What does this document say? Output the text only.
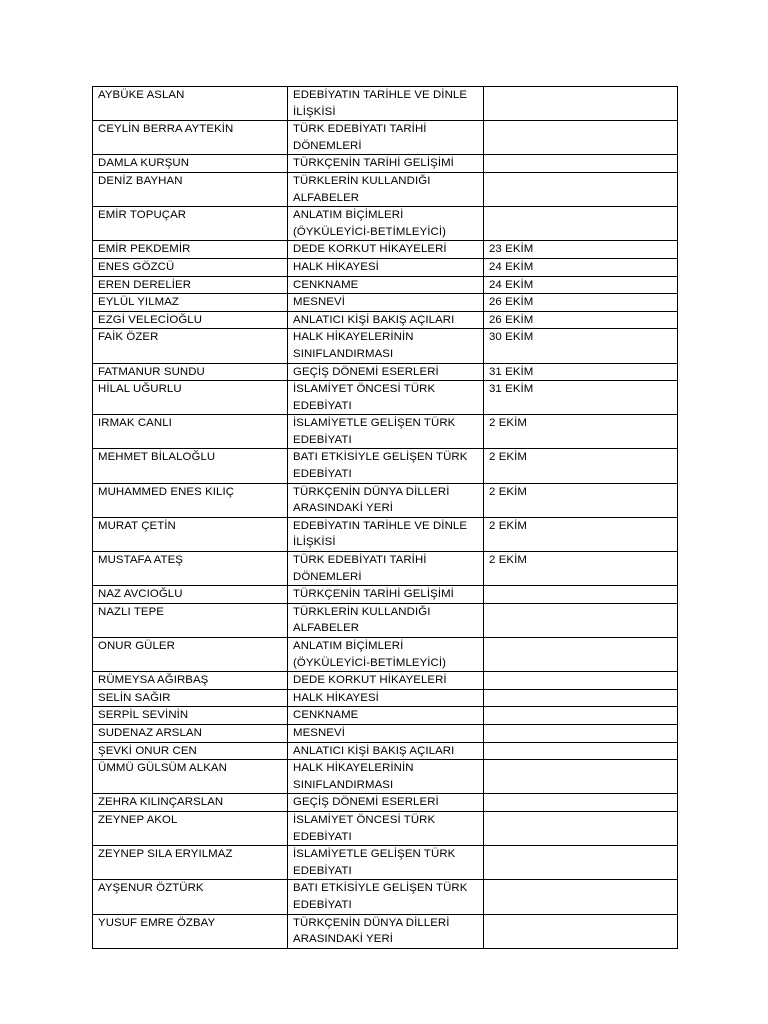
AYBÜKE ASLAN	EDEBİYATIN TARİHLE VE DİNLE İLİŞKİSİ	
CEYLİN BERRA AYTEKİN	TÜRK EDEBİYATI TARİHİ DÖNEMLERİ	
DAMLA KURŞUN	TÜRKÇENİN TARİHİ GELİŞİMİ	
DENİZ BAYHAN	TÜRKLERİN KULLANDIĞI ALFABELER	
EMİR TOPUÇAR	ANLATIM BİÇİMLERİ (ÖYKÜLEYİCİ-BETİMLEYİCİ)	
EMİR PEKDEMİR	DEDE KORKUT HİKAYELERİ	23 EKİM
ENES GÖZCÜ	HALK HİKAYESİ	24 EKİM
EREN DERELİER	CENKNAME	24 EKİM
EYLÜL YILMAZ	MESNEVİ	26 EKİM
EZGİ VELECİOĞLU	ANLATICI KİŞİ BAKIŞ AÇILARI	26 EKİM
FAİK ÖZER	HALK HİKAYELERİNİN SINIFLANDIRMASI	30 EKİM
FATMANUR SUNDU	GEÇİŞ DÖNEMİ ESERLERİ	31 EKİM
HİLAL UĞURLU	İSLAMİYET ÖNCESİ TÜRK EDEBİYATI	31 EKİM
IRMAK CANLI	İSLAMİYETLE GELİŞEN TÜRK EDEBİYATI	2 EKİM
MEHMET BİLALOĞLU	BATI ETKİSİYLE GELİŞEN TÜRK EDEBİYATI	2 EKİM
MUHAMMED ENES KILIÇ	TÜRKÇENİN DÜNYA DİLLERİ ARASINDAKİ YERİ	2 EKİM
MURAT ÇETİN	EDEBİYATIN TARİHLE VE DİNLE İLİŞKİSİ	2 EKİM
MUSTAFA ATEŞ	TÜRK EDEBİYATI TARİHİ DÖNEMLERİ	2 EKİM
NAZ AVCIOĞLU	TÜRKÇENİN TARİHİ GELİŞİMİ	
NAZLI TEPE	TÜRKLERİN KULLANDIĞI ALFABELER	
ONUR GÜLER	ANLATIM BİÇİMLERİ (ÖYKÜLEYİCİ-BETİMLEYİCİ)	
RÜMEYSA AĞIRBAŞ	DEDE KORKUT HİKAYELERİ	
SELİN SAĞIR	HALK HİKAYESİ	
SERPİL SEVİNİN	CENKNAME	
SUDENAZ ARSLAN	MESNEVİ	
ŞEVKİ ONUR CEN	ANLATICI KİŞİ BAKIŞ AÇILARI	
ÜMMÜ GÜLSÜM ALKAN	HALK HİKAYELERİNİN SINIFLANDIRMASI	
ZEHRA KILINÇARSLAN	GEÇİŞ DÖNEMİ ESERLERİ	
ZEYNEP AKOL	İSLAMİYET ÖNCESİ TÜRK EDEBİYATI	
ZEYNEP SILA ERYILMAZ	İSLAMİYETLE GELİŞEN TÜRK EDEBİYATI	
AYŞENUR ÖZTÜRK	BATI ETKİSİYLE GELİŞEN TÜRK EDEBİYATI	
YUSUF EMRE ÖZBAY	TÜRKÇENİN DÜNYA DİLLERİ ARASINDAKİ YERİ	
